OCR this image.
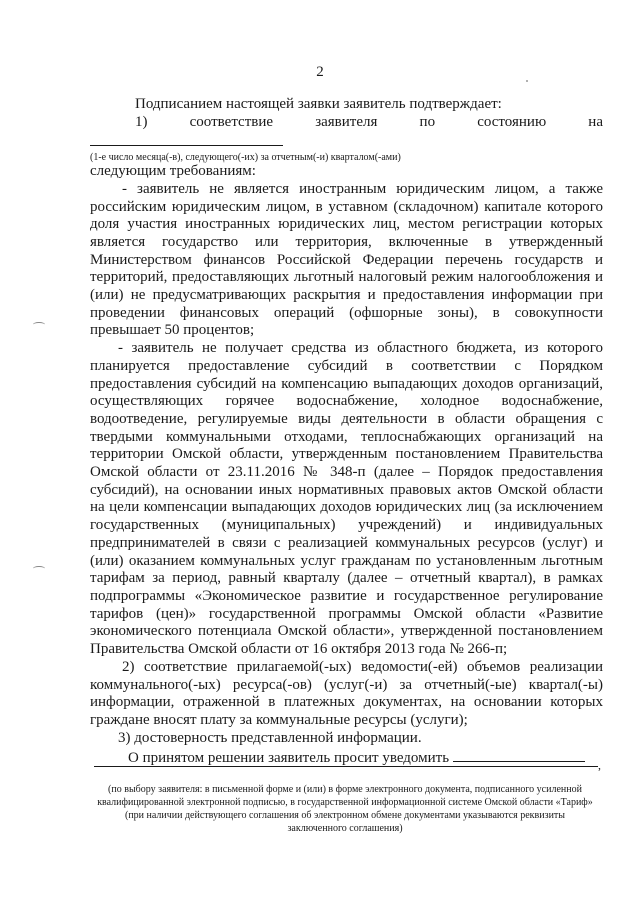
2

Подписанием настоящей заявки заявитель подтверждает:

1) соответствие заявителя по состоянию на

(1-е число месяца(-в), следующего(-их) за отчетным(-и) кварталом(-ами)

следующим требованиям:

- заявитель не является иностранным юридическим лицом, а также российским юридическим лицом, в уставном (складочном) капитале которого доля участия иностранных юридических лиц, местом регистрации которых является государство или территория, включенные в утвержденный Министерством финансов Российской Федерации перечень государств и территорий, предоставляющих льготный налоговый режим налогообложения и (или) не предусматривающих раскрытия и предоставления информации при проведении финансовых операций (офшорные зоны), в совокупности превышает 50 процентов;

- заявитель не получает средства из областного бюджета, из которого планируется предоставление субсидий в соответствии с Порядком предоставления субсидий на компенсацию выпадающих доходов организаций, осуществляющих горячее водоснабжение, холодное водоснабжение, водоотведение, регулируемые виды деятельности в области обращения с твердыми коммунальными отходами, теплоснабжающих организаций на территории Омской области, утвержденным постановлением Правительства Омской области от 23.11.2016 № 348-п (далее – Порядок предоставления субсидий), на основании иных нормативных правовых актов Омской области на цели компенсации выпадающих доходов юридических лиц (за исключением государственных (муниципальных) учреждений) и индивидуальных предпринимателей в связи с реализацией коммунальных ресурсов (услуг) и (или) оказанием коммунальных услуг гражданам по установленным льготным тарифам за период, равный кварталу (далее – отчетный квартал), в рамках подпрограммы «Экономическое развитие и государственное регулирование тарифов (цен)» государственной программы Омской области «Развитие экономического потенциала Омской области», утвержденной постановлением Правительства Омской области от 16 октября 2013 года № 266-п;

2) соответствие прилагаемой(-ых) ведомости(-ей) объемов реализации коммунального(-ых) ресурса(-ов) (услуг(-и) за отчетный(-ые) квартал(-ы) информации, отраженной в платежных документах, на основании которых граждане вносят плату за коммунальные ресурсы (услуги);

3) достоверность представленной информации.

О принятом решении заявитель просит уведомить	,
(по выбору заявителя: в письменной форме и (или) в форме электронного документа, подписанного усиленной квалифицированной электронной подписью, в государственной информационной системе Омской области «Тариф» (при наличии действующего соглашения об электронном обмене документами указываются реквизиты заключенного соглашения)
